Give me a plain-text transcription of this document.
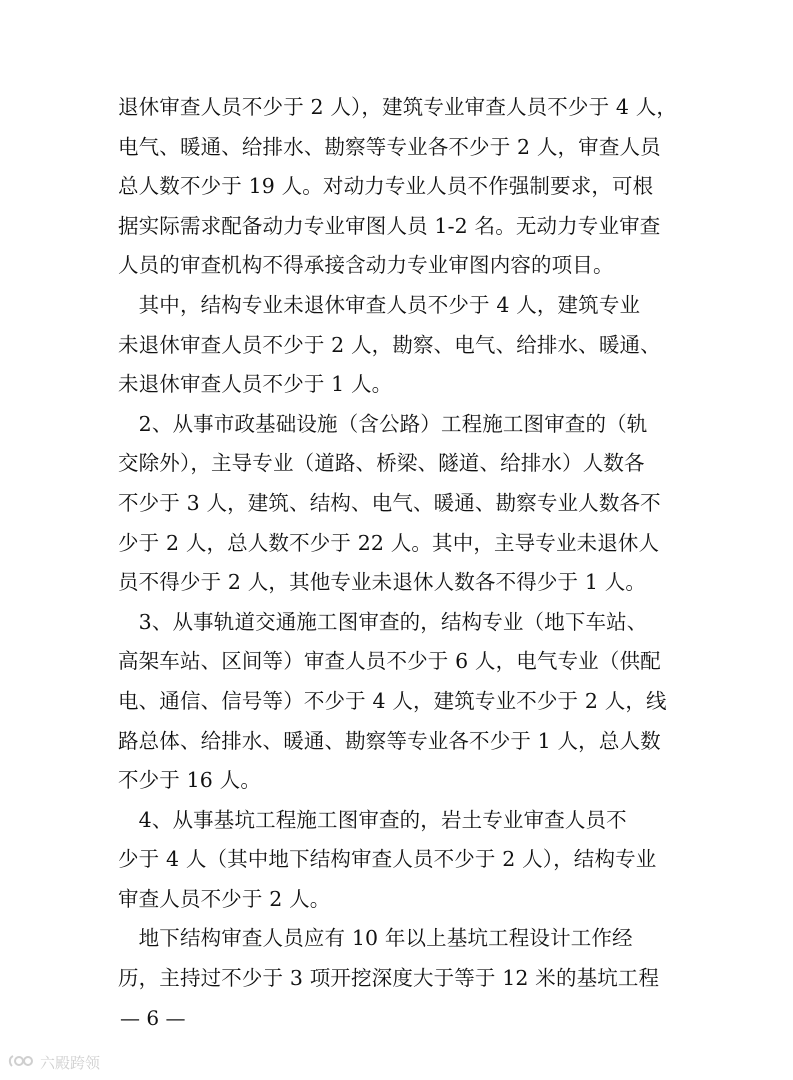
退休审查人员不少于 2 人），建筑专业审查人员不少于 4 人，
电气、暖通、给排水、勘察等专业各不少于 2 人，审查人员
总人数不少于 19 人。对动力专业人员不作强制要求，可根
据实际需求配备动力专业审图人员 1-2 名。无动力专业审查
人员的审查机构不得承接含动力专业审图内容的项目。
　其中，结构专业未退休审查人员不少于 4 人，建筑专业
未退休审查人员不少于 2 人，勘察、电气、给排水、暖通、
未退休审查人员不少于 1 人。
　2、从事市政基础设施（含公路）工程施工图审查的（轨
交除外），主导专业（道路、桥梁、隧道、给排水）人数各
不少于 3 人，建筑、结构、电气、暖通、勘察专业人数各不
少于 2 人，总人数不少于 22 人。其中，主导专业未退休人
员不得少于 2 人，其他专业未退休人数各不得少于 1 人。
　3、从事轨道交通施工图审查的，结构专业（地下车站、
高架车站、区间等）审查人员不少于 6 人，电气专业（供配
电、通信、信号等）不少于 4 人，建筑专业不少于 2 人，线
路总体、给排水、暖通、勘察等专业各不少于 1 人，总人数
不少于 16 人。
　4、从事基坑工程施工图审查的，岩土专业审查人员不
少于 4 人（其中地下结构审查人员不少于 2 人），结构专业
审查人员不少于 2 人。
　地下结构审查人员应有 10 年以上基坑工程设计工作经
历，主持过不少于 3 项开挖深度大于等于 12 米的基坑工程
— 6 —
六殿跨领
